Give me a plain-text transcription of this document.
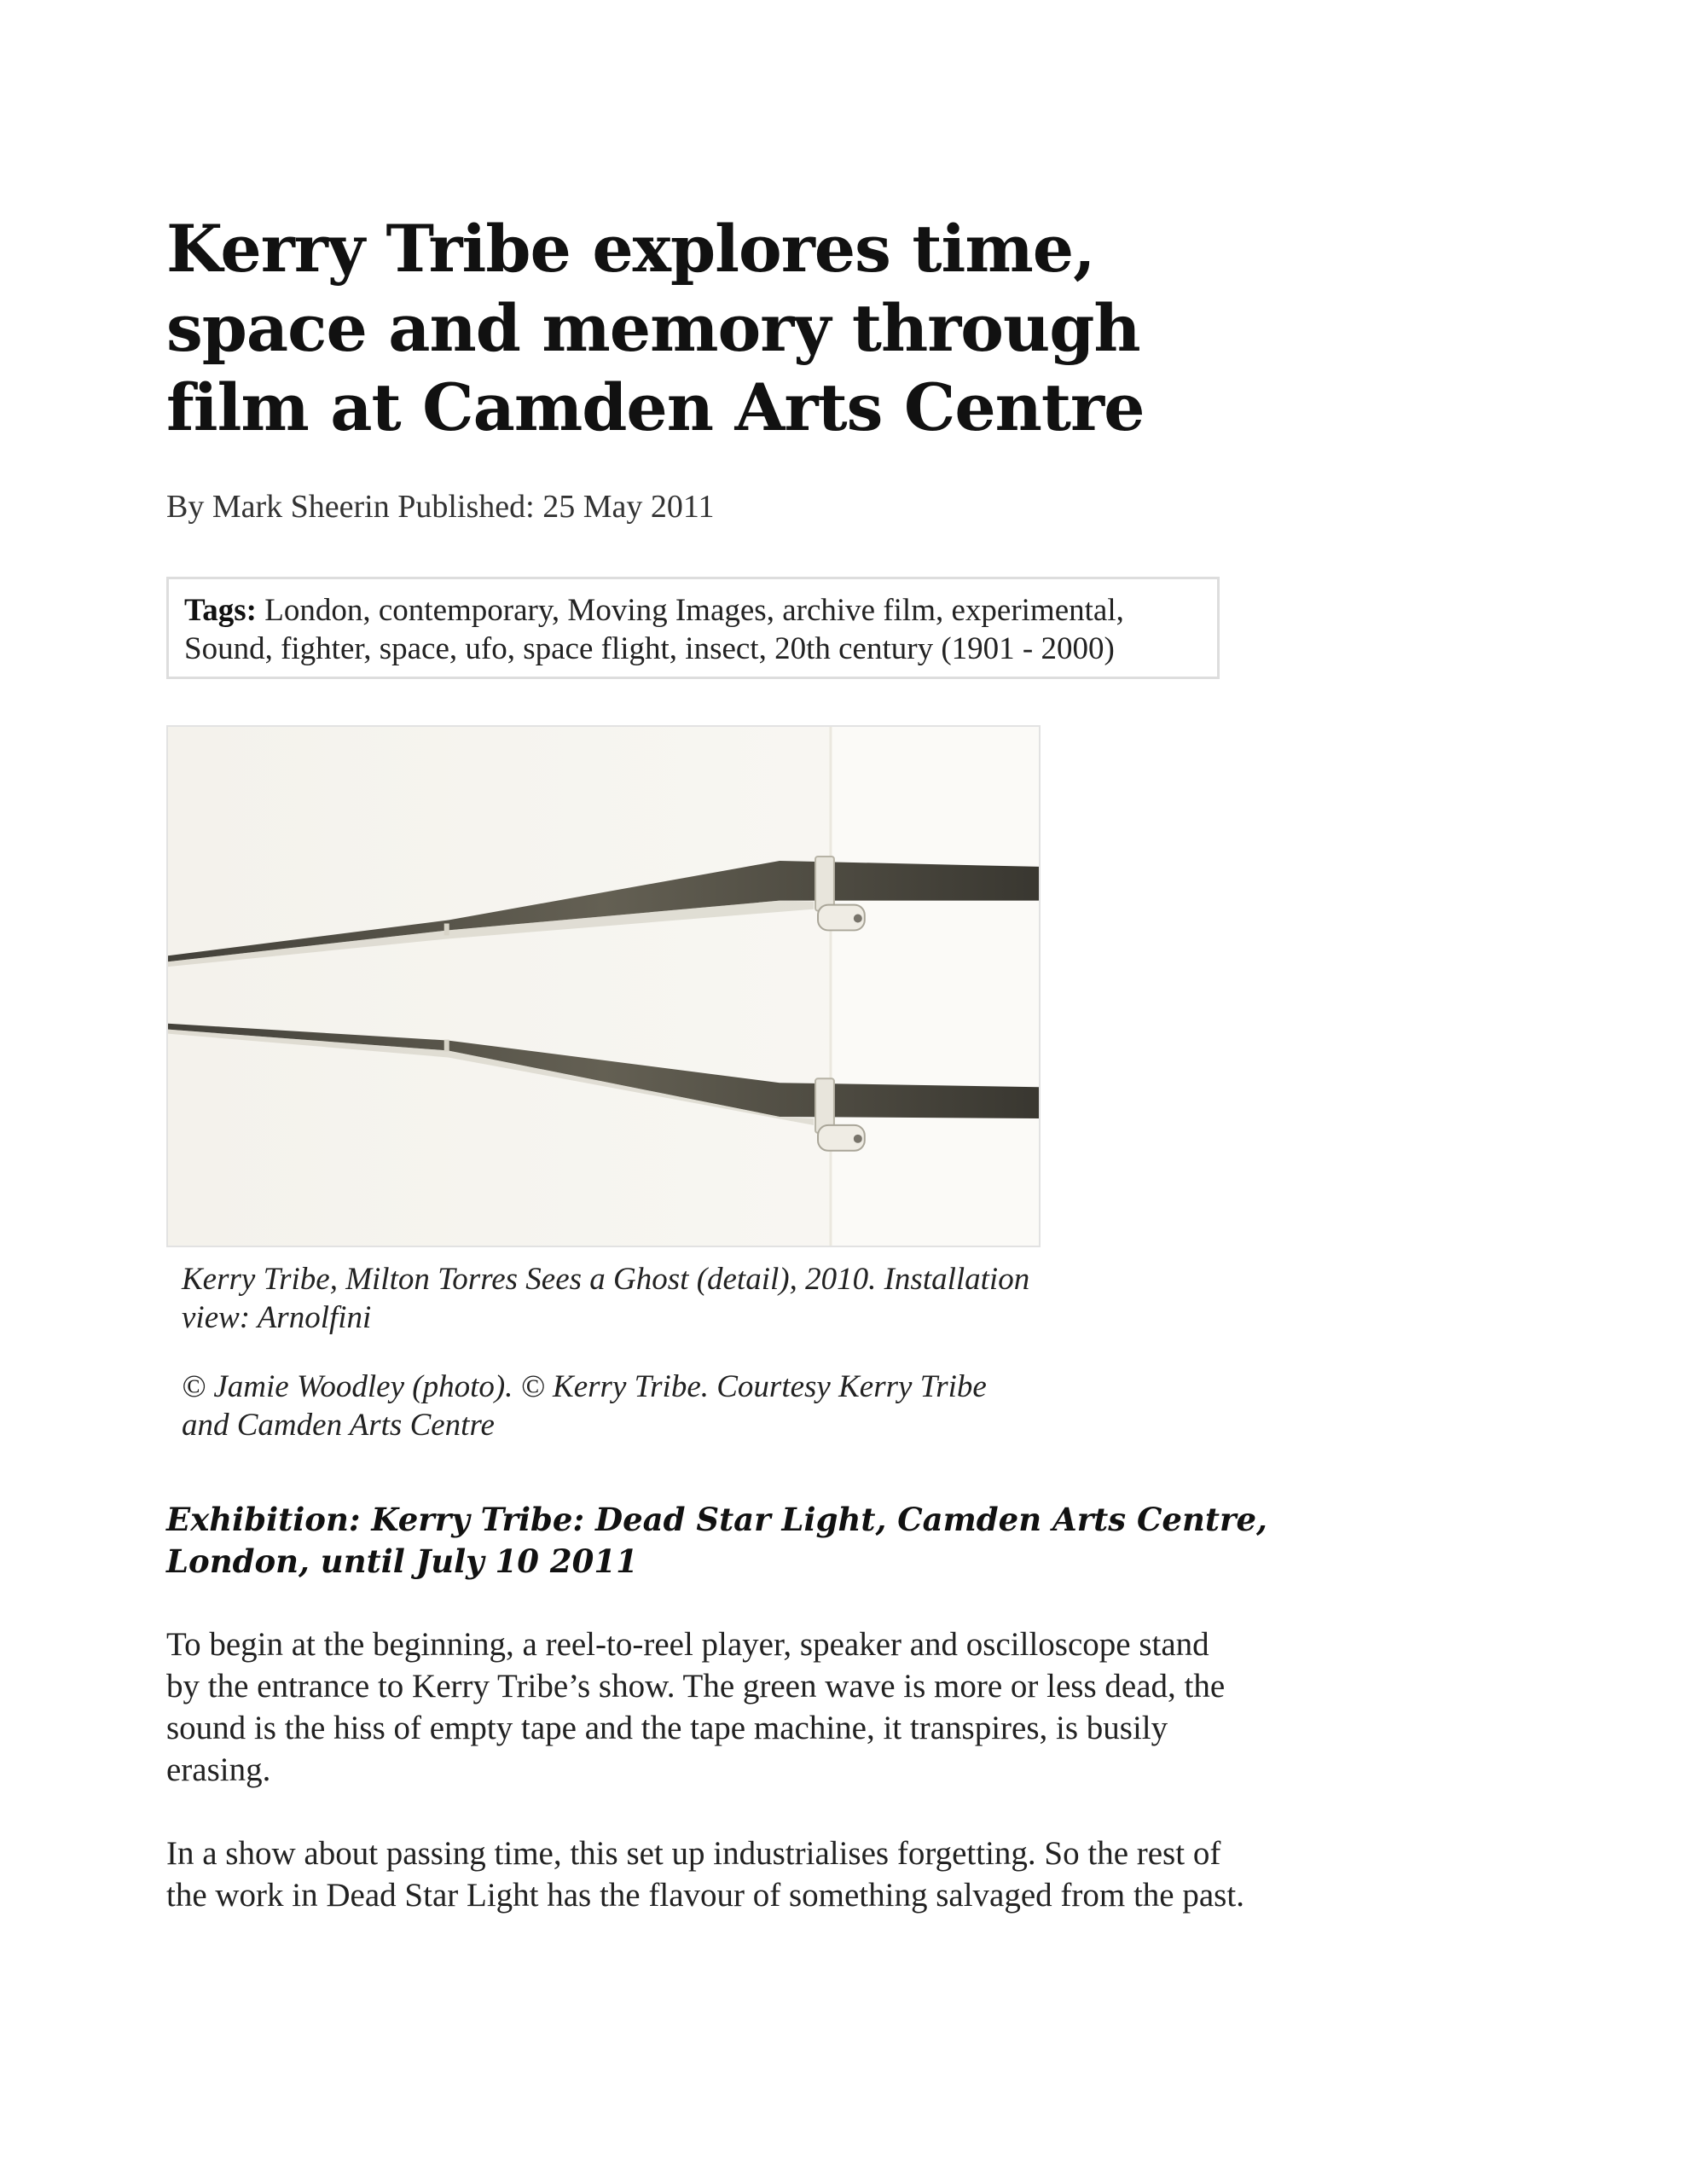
Kerry Tribe explores time, space and memory through film at Camden Arts Centre
By Mark Sheerin Published: 25 May 2011
Tags: London, contemporary, Moving Images, archive film, experimental, Sound, fighter, space, ufo, space flight, insect, 20th century (1901 - 2000)

Kerry Tribe, Milton Torres Sees a Ghost (detail), 2010. Installation view: Arnolfini

© Jamie Woodley (photo). © Kerry Tribe. Courtesy Kerry Tribe and Camden Arts Centre

Exhibition: Kerry Tribe: Dead Star Light, Camden Arts Centre, London, until July 10 2011

To begin at the beginning, a reel-to-reel player, speaker and oscilloscope stand by the entrance to Kerry Tribe’s show. The green wave is more or less dead, the sound is the hiss of empty tape and the tape machine, it transpires, is busily erasing.

In a show about passing time, this set up industrialises forgetting. So the rest of the work in Dead Star Light has the flavour of something salvaged from the past.
